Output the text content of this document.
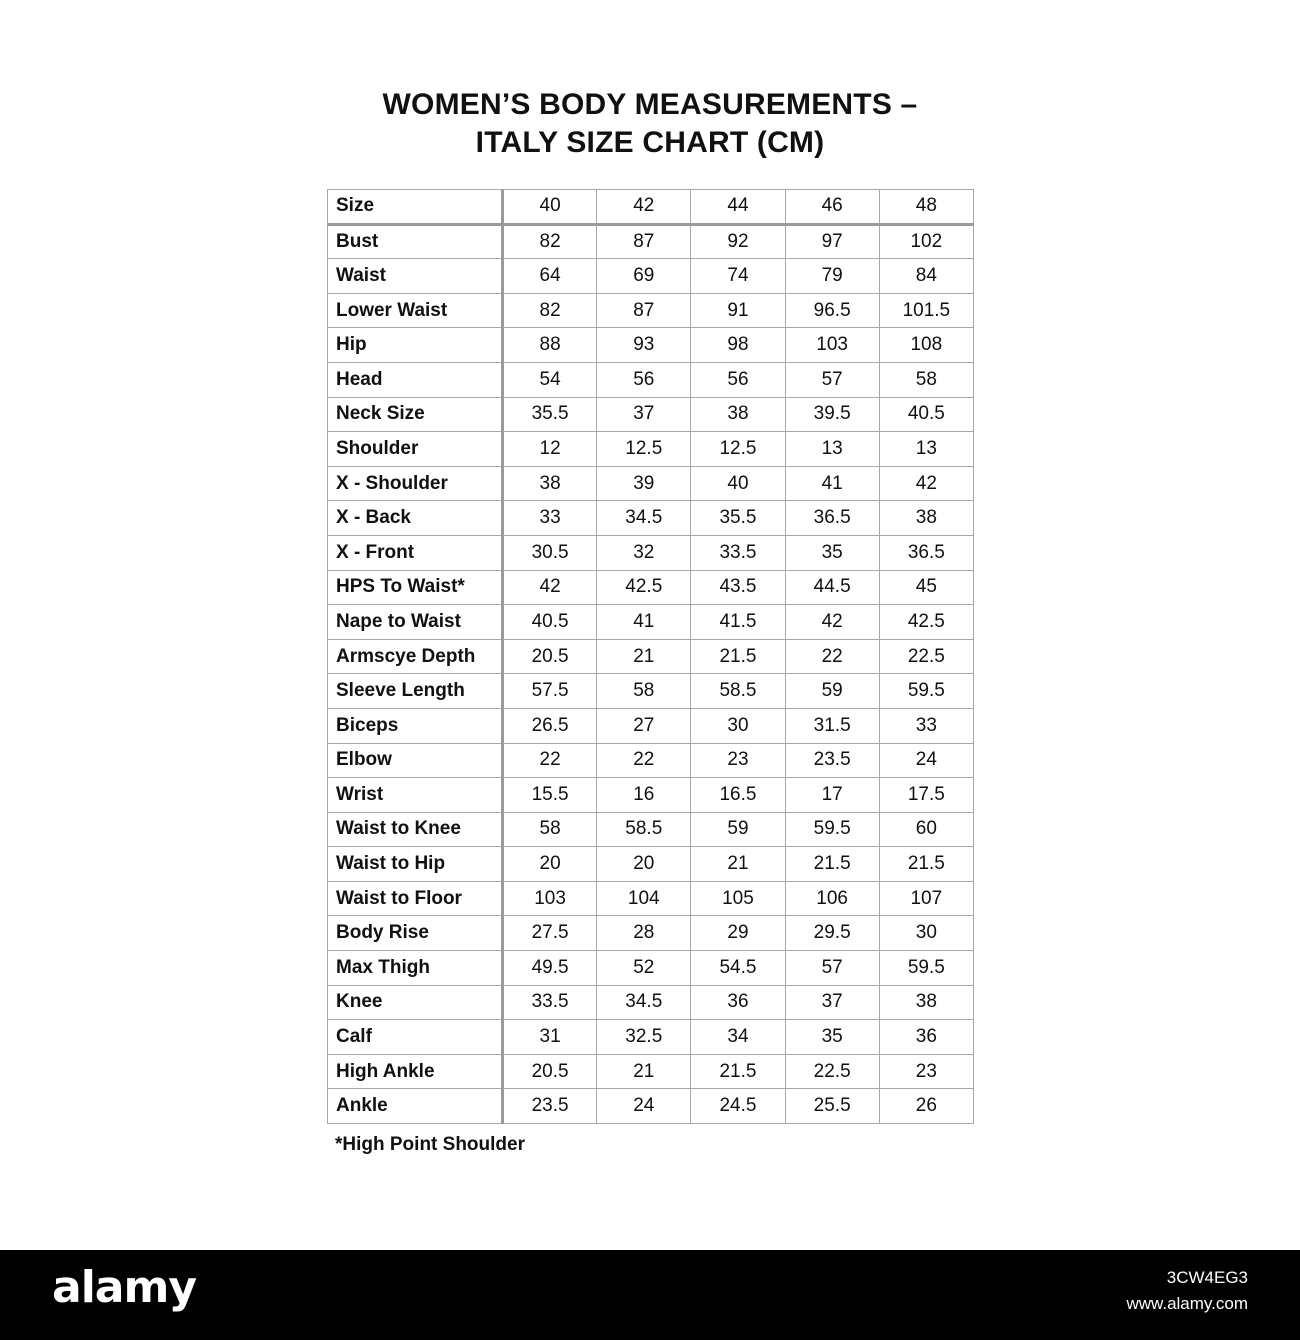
WOMEN’S BODY MEASUREMENTS –
ITALY SIZE CHART (CM)
Size	40	42	44	46	48
Bust	82	87	92	97	102
Waist	64	69	74	79	84
Lower Waist	82	87	91	96.5	101.5
Hip	88	93	98	103	108
Head	54	56	56	57	58
Neck Size	35.5	37	38	39.5	40.5
Shoulder	12	12.5	12.5	13	13
X - Shoulder	38	39	40	41	42
X - Back	33	34.5	35.5	36.5	38
X - Front	30.5	32	33.5	35	36.5
HPS To Waist*	42	42.5	43.5	44.5	45
Nape to Waist	40.5	41	41.5	42	42.5
Armscye Depth	20.5	21	21.5	22	22.5
Sleeve Length	57.5	58	58.5	59	59.5
Biceps	26.5	27	30	31.5	33
Elbow	22	22	23	23.5	24
Wrist	15.5	16	16.5	17	17.5
Waist to Knee	58	58.5	59	59.5	60
Waist to Hip	20	20	21	21.5	21.5
Waist to Floor	103	104	105	106	107
Body Rise	27.5	28	29	29.5	30
Max Thigh	49.5	52	54.5	57	59.5
Knee	33.5	34.5	36	37	38
Calf	31	32.5	34	35	36
High Ankle	20.5	21	21.5	22.5	23
Ankle	23.5	24	24.5	25.5	26
*High Point Shoulder
alamy	3CW4EG3
www.alamy.com
